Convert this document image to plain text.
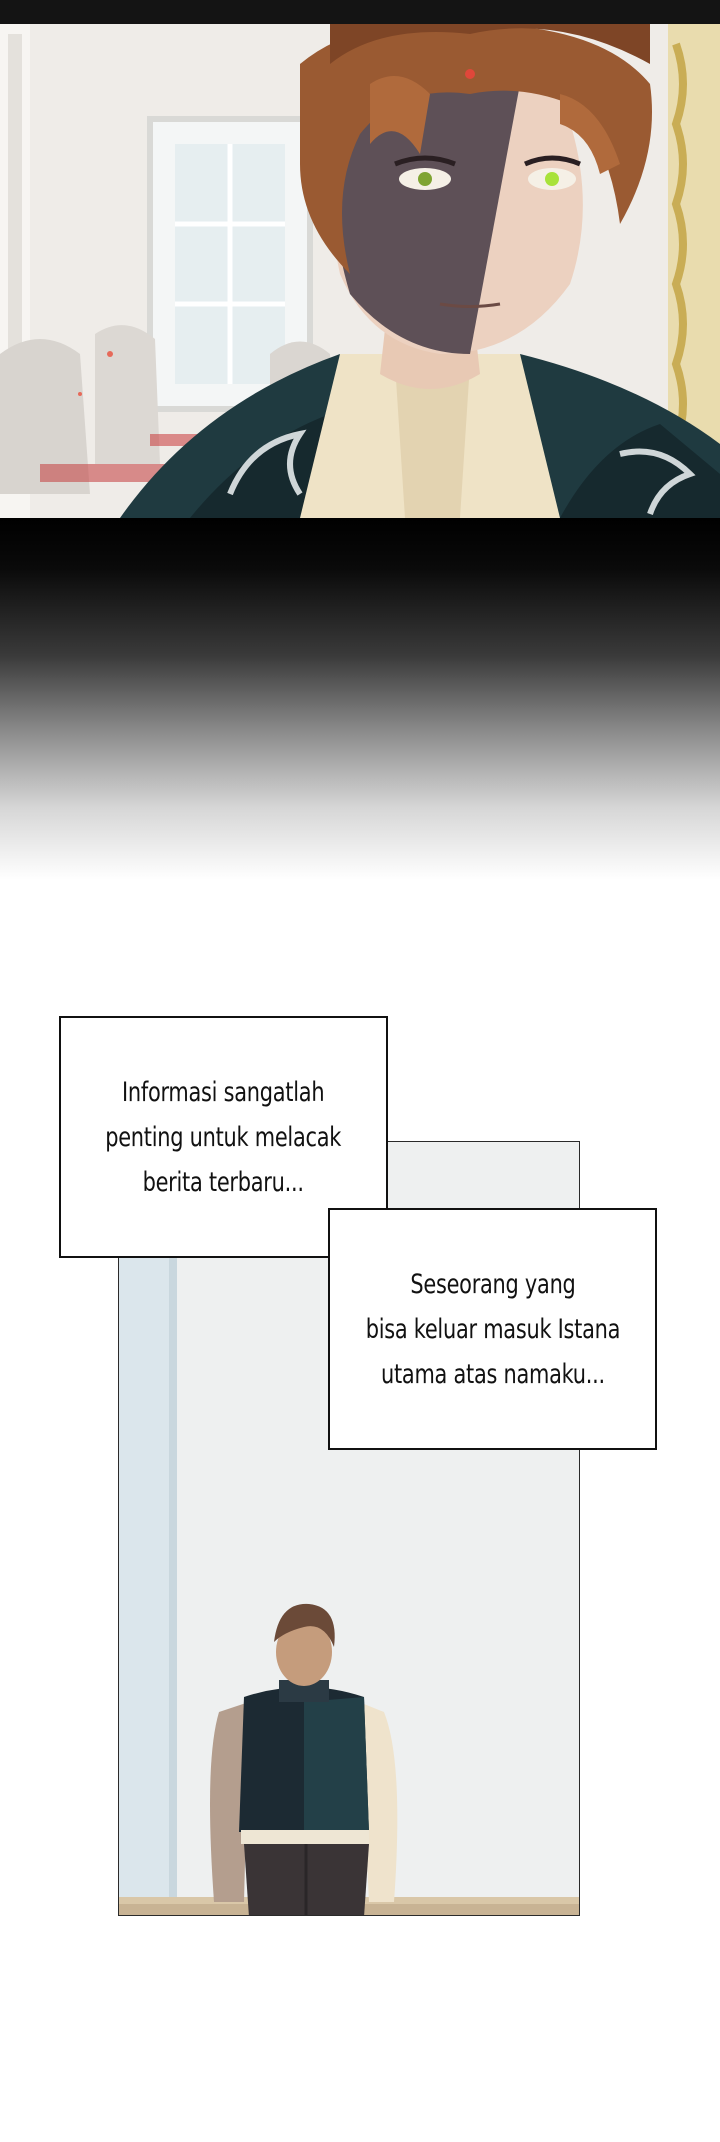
Informasi sangatlah
penting untuk melacak
berita terbaru...
Seseorang yang
bisa keluar masuk Istana
utama atas namaku...
